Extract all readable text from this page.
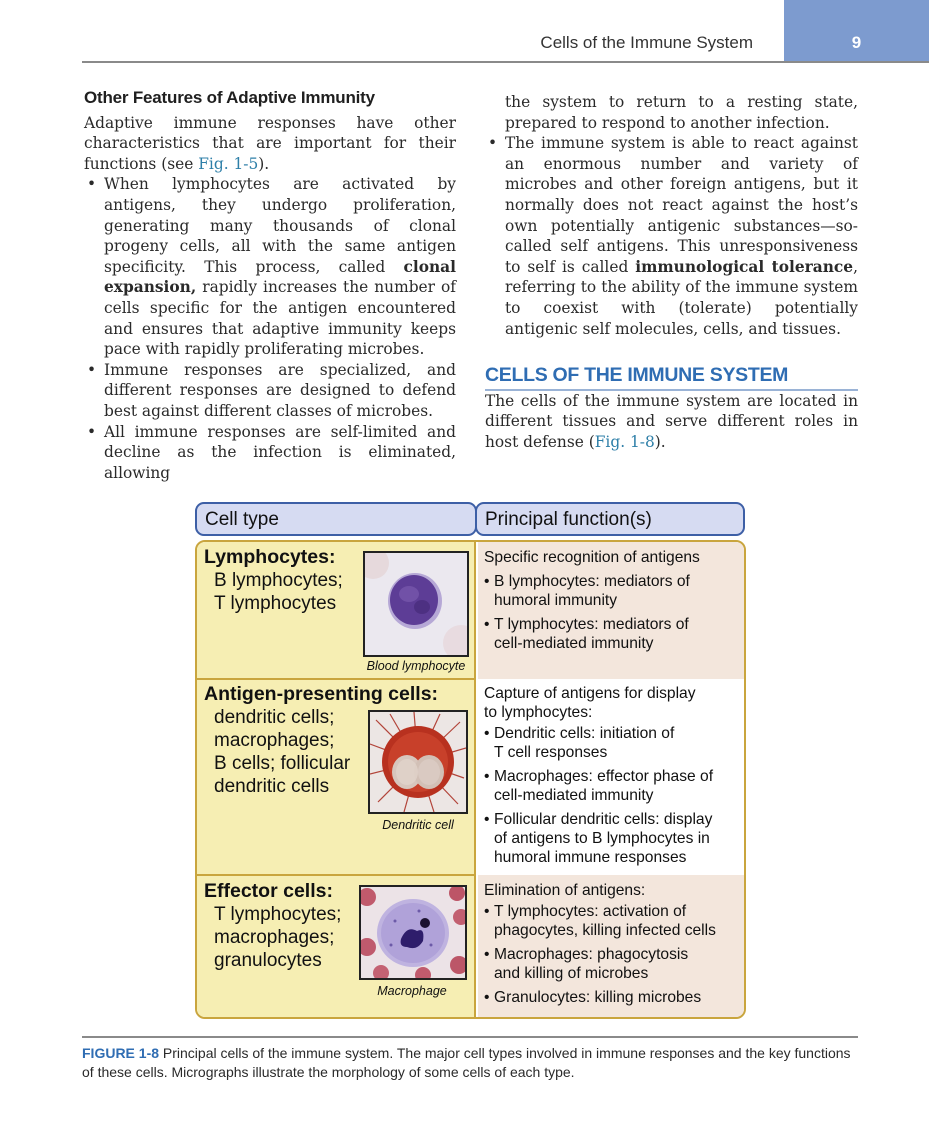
Cells of the Immune System	9
Other Features of Adaptive Immunity

Adaptive immune responses have other characteristics that are important for their functions (see Fig. 1-5).

• When lymphocytes are activated by antigens, they undergo proliferation, generating many thousands of clonal progeny cells, all with the same antigen specificity. This process, called clonal expansion, rapidly increases the number of cells specific for the antigen encountered and ensures that adaptive immunity keeps pace with rapidly proliferating microbes.
• Immune responses are specialized, and different responses are designed to defend best against different classes of microbes.
• All immune responses are self-limited and decline as the infection is eliminated, allowing
the system to return to a resting state, prepared to respond to another infection.
• The immune system is able to react against an enormous number and variety of microbes and other foreign antigens, but it normally does not react against the host’s own potentially antigenic substances—so-called self antigens. This unresponsiveness to self is called immunological tolerance, referring to the ability of the immune system to coexist with (tolerate) potentially antigenic self molecules, cells, and tissues.
CELLS OF THE IMMUNE SYSTEM

The cells of the immune system are located in different tissues and serve different roles in host defense (Fig. 1-8).

Cell type	Principal function(s)
Lymphocytes:
B lymphocytes;
T lymphocytes
Blood lymphocyte
Specific recognition of antigens
• B lymphocytes: mediators of
humoral immunity
• T lymphocytes: mediators of
cell-mediated immunity
Antigen-presenting cells:
dendritic cells;
macrophages;
B cells; follicular
dendritic cells
Dendritic cell
Capture of antigens for display
to lymphocytes:
• Dendritic cells: initiation of
T cell responses
• Macrophages: effector phase of
cell-mediated immunity
• Follicular dendritic cells: display
of antigens to B lymphocytes in
humoral immune responses
Effector cells:
T lymphocytes;
macrophages;
granulocytes
Macrophage
Elimination of antigens:
• T lymphocytes: activation of
phagocytes, killing infected cells
• Macrophages: phagocytosis
and killing of microbes
• Granulocytes: killing microbes
FIGURE 1-8 Principal cells of the immune system. The major cell types involved in immune responses and the key functions of these cells. Micrographs illustrate the morphology of some cells of each type.
